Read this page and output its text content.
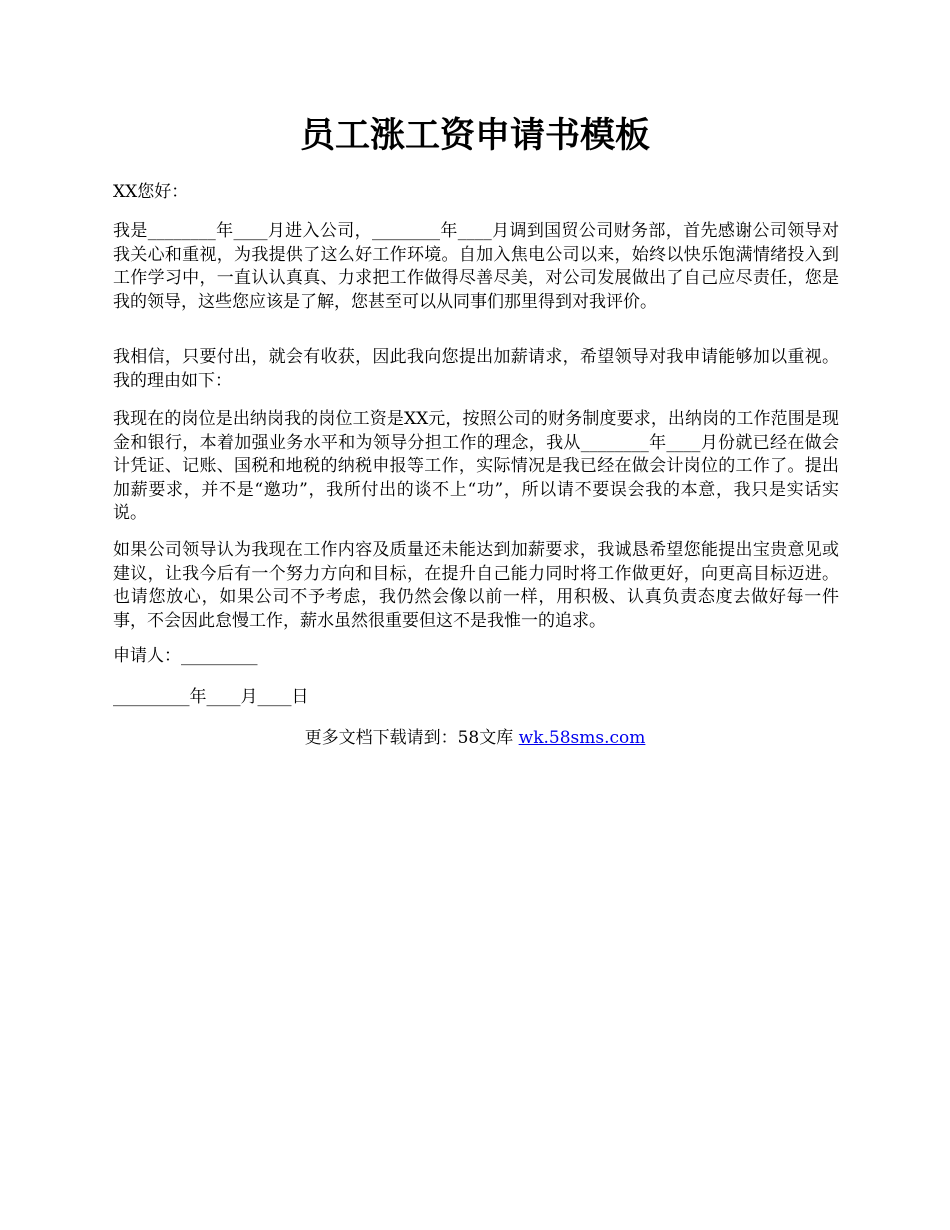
员工涨工资申请书模板

XX您好：

我是________年____月进入公司，________年____月调到国贸公司财务部，首先感谢公司领导对我关心和重视，为我提供了这么好工作环境。自加入焦电公司以来，始终以快乐饱满情绪投入到工作学习中，一直认认真真、力求把工作做得尽善尽美，对公司发展做出了自己应尽责任，您是我的领导，这些您应该是了解，您甚至可以从同事们那里得到对我评价。

我相信，只要付出，就会有收获，因此我向您提出加薪请求，希望领导对我申请能够加以重视。我的理由如下：

我现在的岗位是出纳岗我的岗位工资是XX元，按照公司的财务制度要求，出纳岗的工作范围是现金和银行，本着加强业务水平和为领导分担工作的理念，我从________年____月份就已经在做会计凭证、记账、国税和地税的纳税申报等工作，实际情况是我已经在做会计岗位的工作了。提出加薪要求，并不是“邀功”，我所付出的谈不上“功”，所以请不要误会我的本意，我只是实话实说。

如果公司领导认为我现在工作内容及质量还未能达到加薪要求，我诚恳希望您能提出宝贵意见或建议，让我今后有一个努力方向和目标，在提升自己能力同时将工作做更好，向更高目标迈进。也请您放心，如果公司不予考虑，我仍然会像以前一样，用积极、认真负责态度去做好每一件事，不会因此怠慢工作，薪水虽然很重要但这不是我惟一的追求。

申请人：_________

_________年____月____日

更多文档下载请到：58文库 wk.58sms.com
